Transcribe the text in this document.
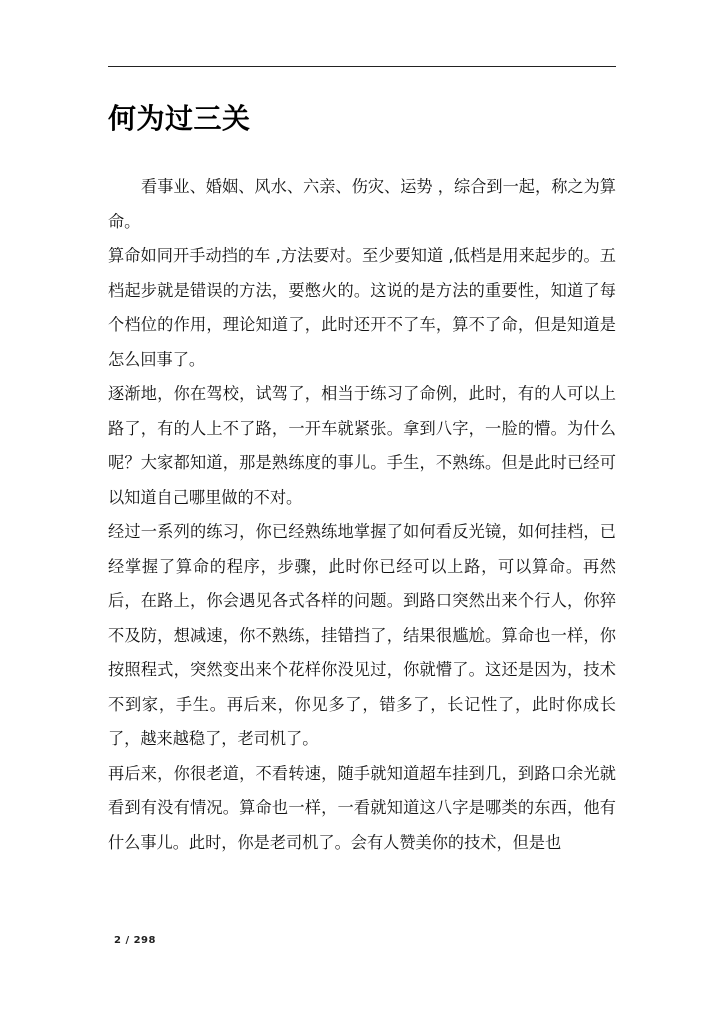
何为过三关

看事业、婚姻、风水、六亲、伤灾、运势 ，综合到一起，称之为算命。

算命如同开手动挡的车 ,方法要对。至少要知道 ,低档是用来起步的。五档起步就是错误的方法，要憋火的。这说的是方法的重要性，知道了每个档位的作用，理论知道了，此时还开不了车，算不了命，但是知道是怎么回事了。

逐渐地，你在驾校，试驾了，相当于练习了命例，此时，有的人可以上路了，有的人上不了路，一开车就紧张。拿到八字，一脸的懵。为什么呢？大家都知道，那是熟练度的事儿。手生，不熟练。但是此时已经可以知道自己哪里做的不对。

经过一系列的练习，你已经熟练地掌握了如何看反光镜，如何挂档，已经掌握了算命的程序，步骤，此时你已经可以上路，可以算命。再然后，在路上，你会遇见各式各样的问题。到路口突然出来个行人，你猝不及防，想减速，你不熟练，挂错挡了，结果很尴尬。算命也一样，你按照程式，突然变出来个花样你没见过，你就懵了。这还是因为，技术不到家，手生。再后来，你见多了，错多了，长记性了，此时你成长了，越来越稳了，老司机了。

再后来，你很老道，不看转速，随手就知道超车挂到几，到路口余光就看到有没有情况。算命也一样，一看就知道这八字是哪类的东西，他有什么事儿。此时，你是老司机了。会有人赞美你的技术，但是也

2 / 298
